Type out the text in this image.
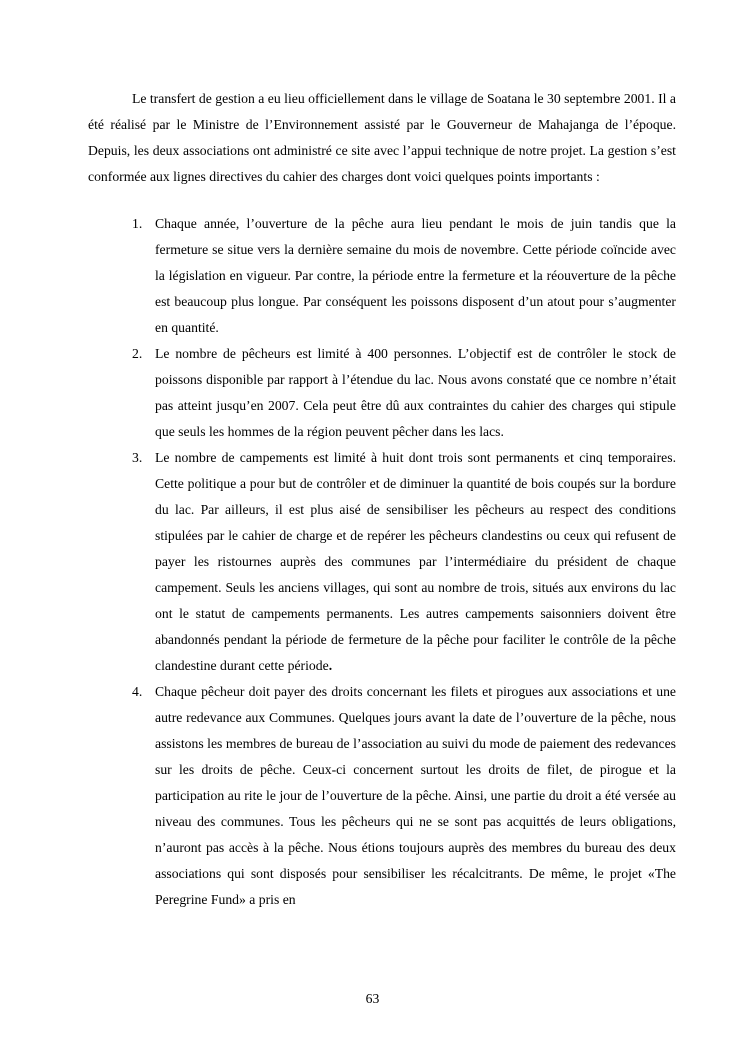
Le transfert de gestion a eu lieu officiellement dans le village de Soatana le 30 septembre 2001. Il a été réalisé par le Ministre de l’Environnement assisté par le Gouverneur de Mahajanga de l’époque. Depuis, les deux associations ont administré ce site avec l’appui technique de notre projet. La gestion s’est conformée aux lignes directives du cahier des charges dont voici quelques points importants :

1. Chaque année, l’ouverture de la pêche aura lieu pendant le mois de juin tandis que la fermeture se situe vers la dernière semaine du mois de novembre. Cette période coïncide avec la législation en vigueur. Par contre, la période entre la fermeture et la réouverture de la pêche est beaucoup plus longue. Par conséquent les poissons disposent d’un atout pour s’augmenter en quantité.
2. Le nombre de pêcheurs est limité à 400 personnes. L’objectif est de contrôler le stock de poissons disponible par rapport à l’étendue du lac. Nous avons constaté que ce nombre n’était pas atteint jusqu’en 2007. Cela peut être dû aux contraintes du cahier des charges qui stipule que seuls les hommes de la région peuvent pêcher dans les lacs.
3. Le nombre de campements est limité à huit dont trois sont permanents et cinq temporaires. Cette politique a pour but de contrôler et de diminuer la quantité de bois coupés sur la bordure du lac. Par ailleurs, il est plus aisé de sensibiliser les pêcheurs au respect des conditions stipulées par le cahier de charge et de repérer les pêcheurs clandestins ou ceux qui refusent de payer les ristournes auprès des communes par l’intermédiaire du président de chaque campement. Seuls les anciens villages, qui sont au nombre de trois, situés aux environs du lac ont le statut de campements permanents. Les autres campements saisonniers doivent être abandonnés pendant la période de fermeture de la pêche pour faciliter le contrôle de la pêche clandestine durant cette période.
4. Chaque pêcheur doit payer des droits concernant les filets et pirogues aux associations et une autre redevance aux Communes. Quelques jours avant la date de l’ouverture de la pêche, nous assistons les membres de bureau de l’association au suivi du mode de paiement des redevances sur les droits de pêche. Ceux-ci concernent surtout les droits de filet, de pirogue et la participation au rite le jour de l’ouverture de la pêche. Ainsi, une partie du droit a été versée au niveau des communes. Tous les pêcheurs qui ne se sont pas acquittés de leurs obligations, n’auront pas accès à la pêche. Nous étions toujours auprès des membres du bureau des deux associations qui sont disposés pour sensibiliser les récalcitrants. De même, le projet «The Peregrine Fund» a pris en
63
